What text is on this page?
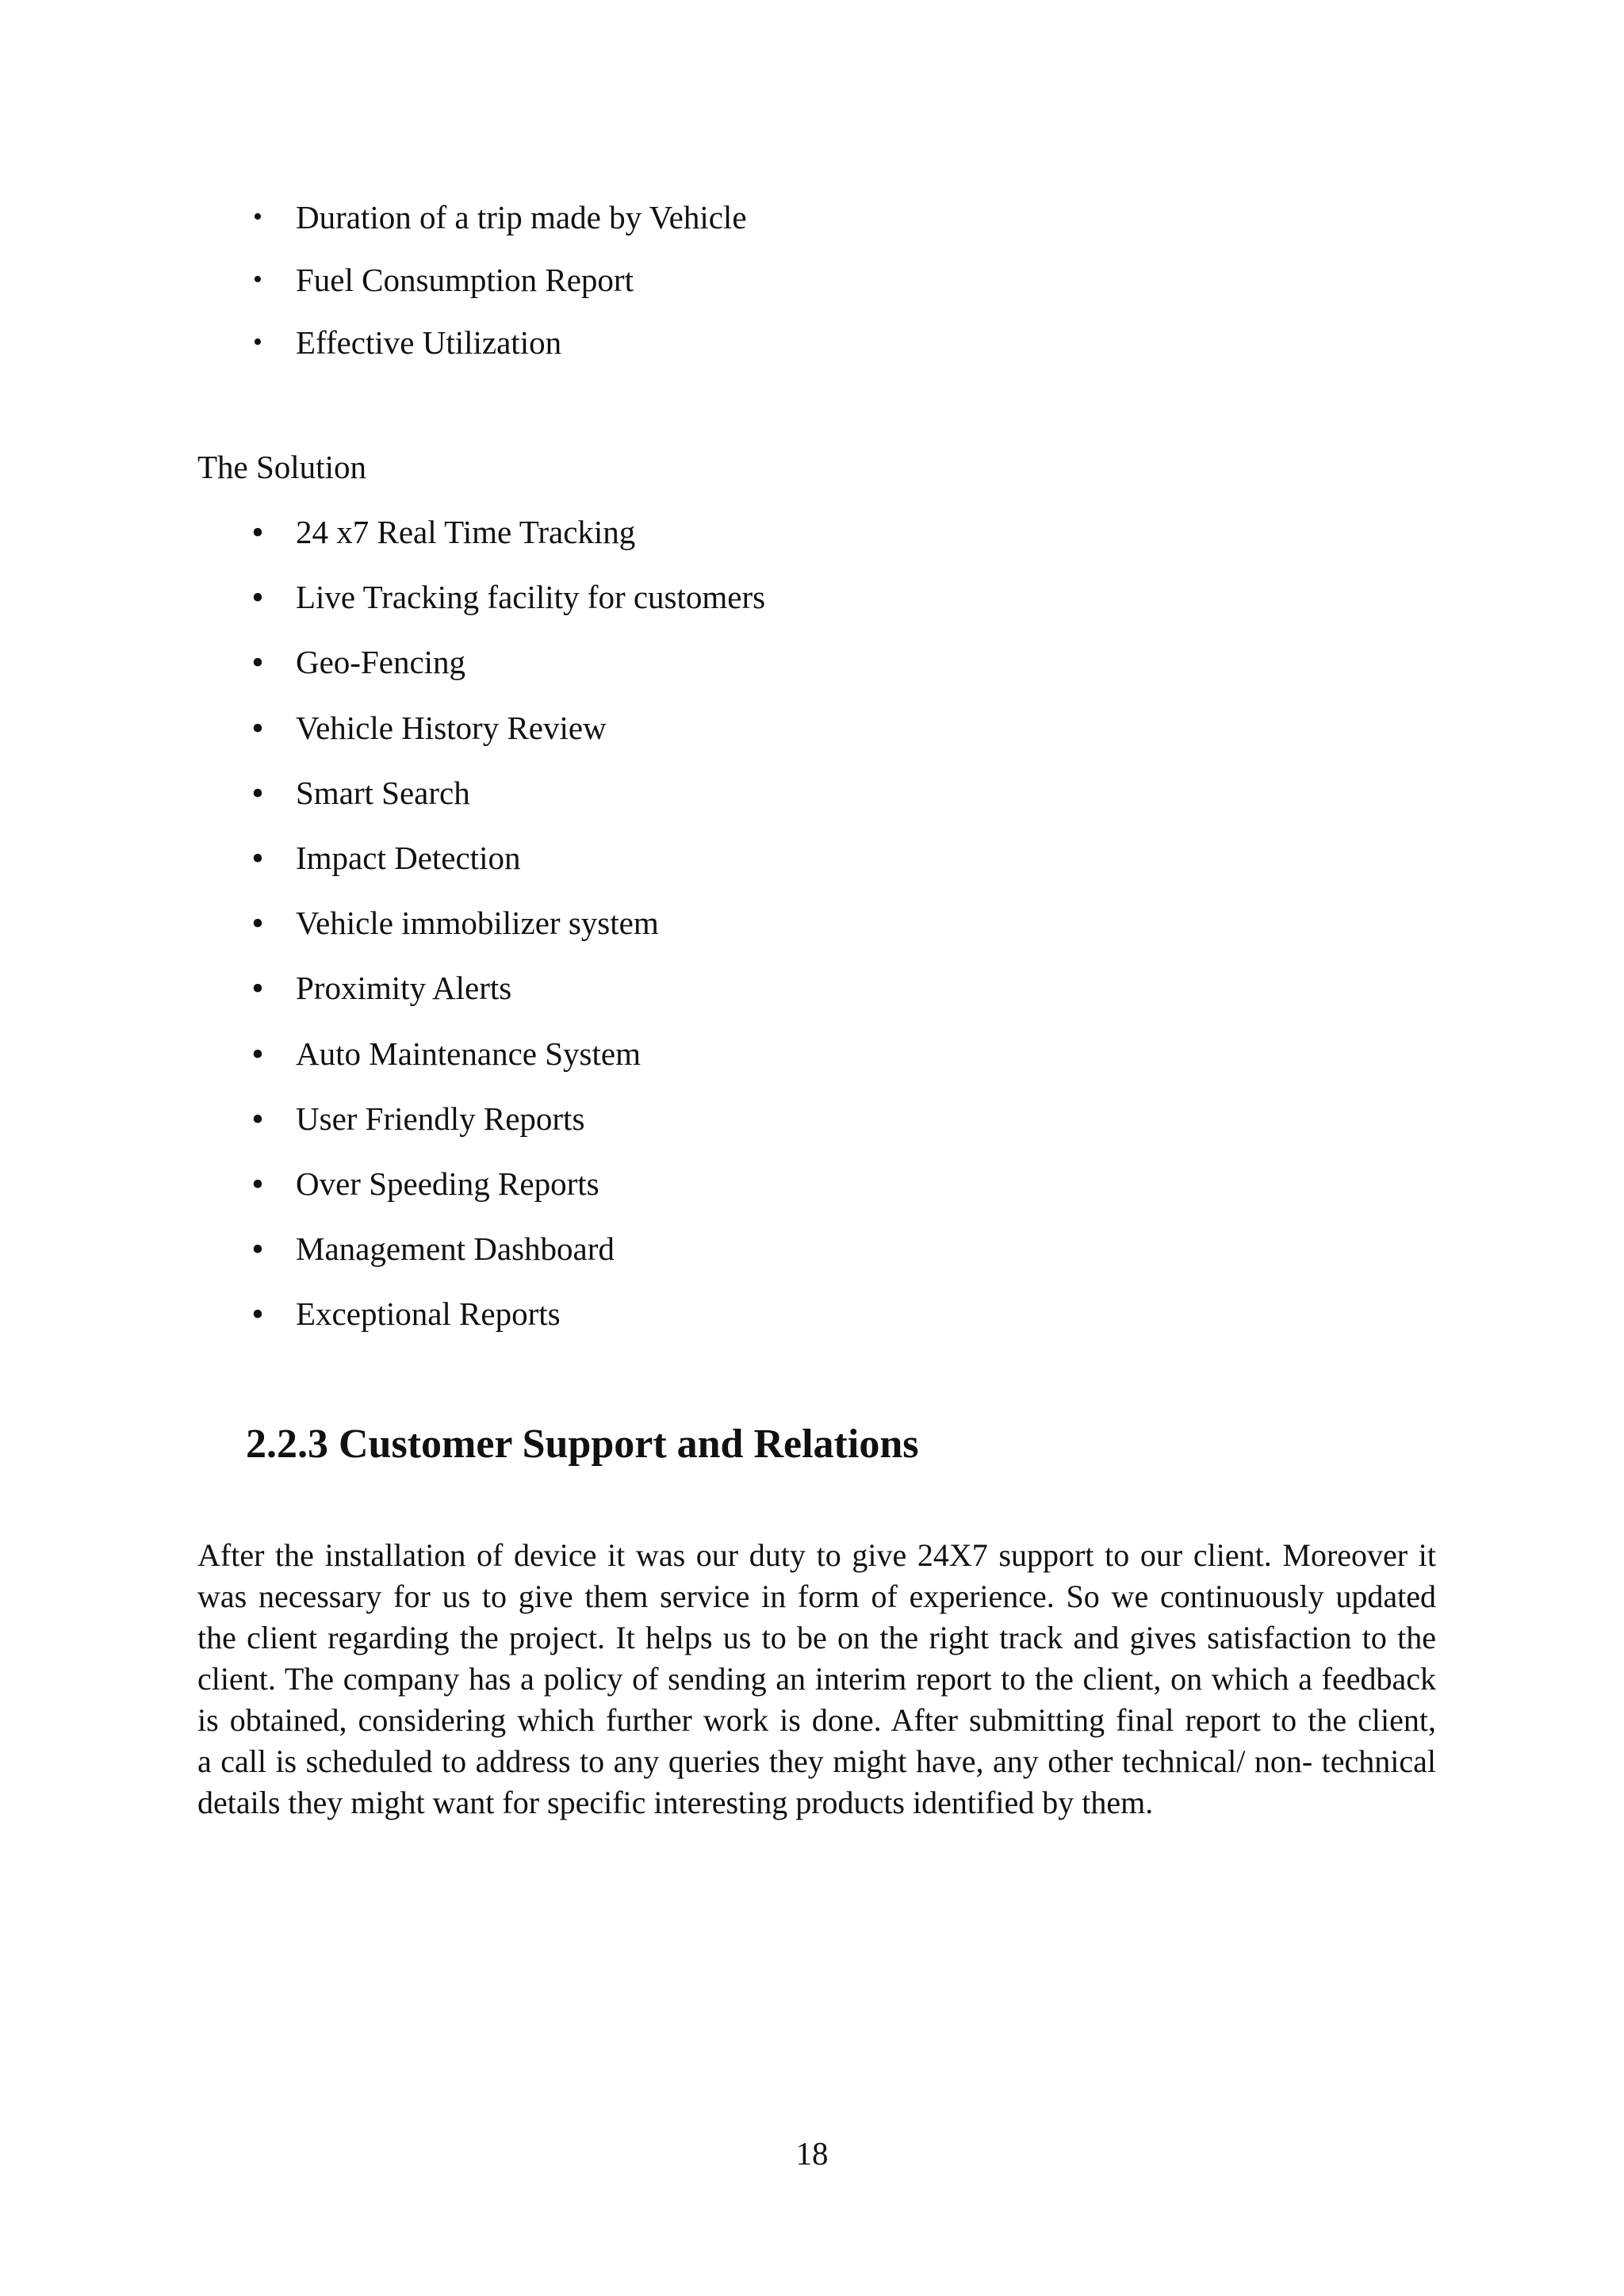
• Duration of a trip made by Vehicle
• Fuel Consumption Report
• Effective Utilization

The Solution

• 24 x7 Real Time Tracking
• Live Tracking facility for customers
• Geo-Fencing
• Vehicle History Review
• Smart Search
• Impact Detection
• Vehicle immobilizer system
• Proximity Alerts
• Auto Maintenance System
• User Friendly Reports
• Over Speeding Reports
• Management Dashboard
• Exceptional Reports
2.2.3 Customer Support and Relations
After the installation of device it was our duty to give 24X7 support to our client. Moreover it
was necessary for us to give them service in form of experience. So we continuously updated
the client regarding the project. It helps us to be on the right track and gives satisfaction to the
client. The company has a policy of sending an interim report to the client, on which a feedback
is obtained, considering which further work is done. After submitting final report to the client,
a call is scheduled to address to any queries they might have, any other technical/ non- technical
details they might want for specific interesting products identified by them.

18
